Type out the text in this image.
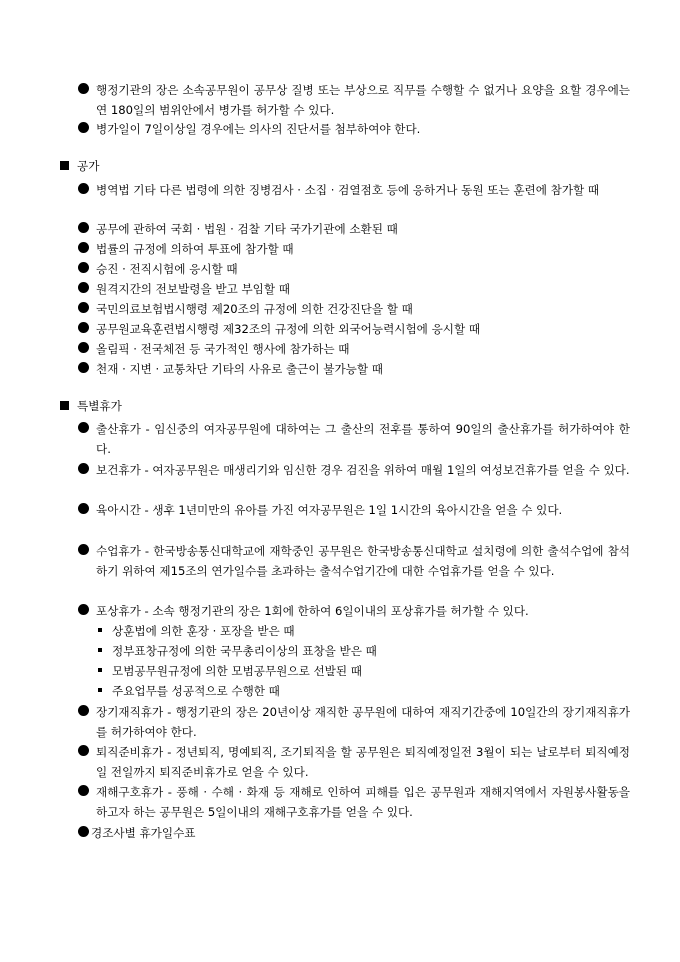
행정기관의 장은 소속공무원이 공무상 질병 또는 부상으로 직무를 수행할 수 없거나 요양을 요할 경우에는 연 180일의 범위안에서 병가를 허가할 수 있다.
병가일이 7일이상일 경우에는 의사의 진단서를 첨부하여야 한다.
공가
병역법 기타 다른 법령에 의한 징병검사 · 소집 · 검열점호 등에 응하거나 동원 또는 훈련에 참가할 때
공무에 관하여 국회 · 법원 · 검찰 기타 국가기관에 소환된 때
법률의 규정에 의하여 투표에 참가할 때
승진 · 전직시험에 응시할 때
원격지간의 전보발령을 받고 부임할 때
국민의료보험법시행령 제20조의 규정에 의한 건강진단을 할 때
공무원교육훈련법시행령 제32조의 규정에 의한 외국어능력시험에 응시할 때
올림픽 · 전국체전 등 국가적인 행사에 참가하는 때
천재 · 지변 · 교통차단 기타의 사유로 출근이 불가능할 때
특별휴가
출산휴가 - 임신중의 여자공무원에 대하여는 그 출산의 전후를 통하여 90일의 출산휴가를 허가하여야 한다.
보건휴가 - 여자공무원은 매생리기와 임신한 경우 검진을 위하여 매월 1일의 여성보건휴가를 얻을 수 있다.
육아시간 - 생후 1년미만의 유아를 가진 여자공무원은 1일 1시간의 육아시간을 얻을 수 있다.
수업휴가 - 한국방송통신대학교에 재학중인 공무원은 한국방송통신대학교 설치령에 의한 출석수업에 참석하기 위하여 제15조의 연가일수를 초과하는 출석수업기간에 대한 수업휴가를 얻을 수 있다.
포상휴가 - 소속 행정기관의 장은 1회에 한하여 6일이내의 포상휴가를 허가할 수 있다.
상훈법에 의한 훈장 · 포장을 받은 때
정부표창규정에 의한 국무총리이상의 표창을 받은 때
모범공무원규정에 의한 모범공무원으로 선발된 때
주요업무를 성공적으로 수행한 때
장기재직휴가 - 행정기관의 장은 20년이상 재직한 공무원에 대하여 재직기간중에 10일간의 장기재직휴가를 허가하여야 한다.
퇴직준비휴가 - 정년퇴직, 명예퇴직, 조기퇴직을 할 공무원은 퇴직예정일전 3월이 되는 날로부터 퇴직예정일 전일까지 퇴직준비휴가로 얻을 수 있다.
재해구호휴가 - 풍해 · 수해 · 화재 등 재해로 인하여 피해를 입은 공무원과 재해지역에서 자원봉사활동을 하고자 하는 공무원은 5일이내의 재해구호휴가를 얻을 수 있다.
경조사별 휴가일수표
